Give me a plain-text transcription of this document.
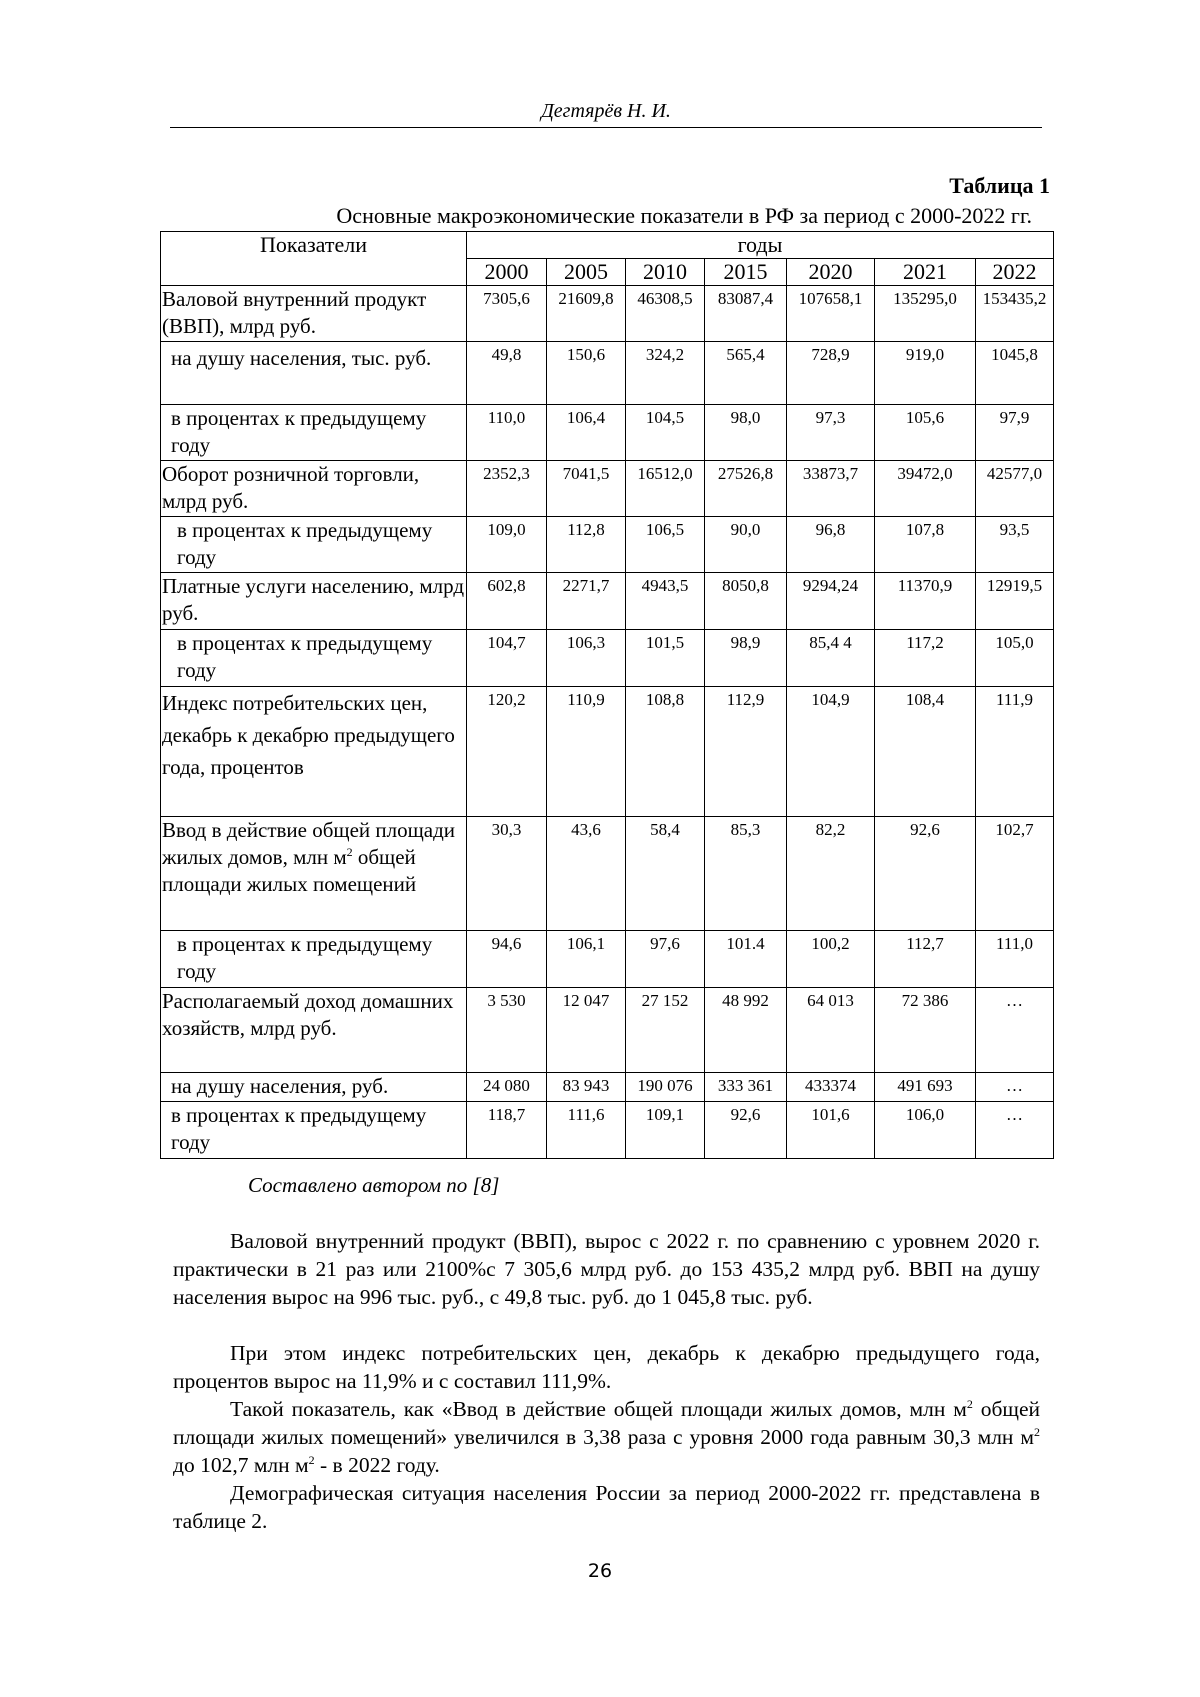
Дегтярёв Н. И.
Таблица 1
Основные макроэкономические показатели в РФ за период с 2000-2022 гг.
Показатели	годы						
	2000	2005	2010	2015	2020	2021	2022
Валовой внутренний продукт (ВВП), млрд руб.	7305,6	21609,8	46308,5	83087,4	107658,1	135295,0	153435,2
на душу населения, тыс. руб.	49,8	150,6	324,2	565,4	728,9	919,0	1045,8
в процентах к предыдущему году	110,0	106,4	104,5	98,0	97,3	105,6	97,9
Оборот розничной торговли, млрд руб.	2352,3	7041,5	16512,0	27526,8	33873,7	39472,0	42577,0
в процентах к предыдущему году	109,0	112,8	106,5	90,0	96,8	107,8	93,5
Платные услуги населению, млрд руб.	602,8	2271,7	4943,5	8050,8	9294,24	11370,9	12919,5
в процентах к предыдущему году	104,7	106,3	101,5	98,9	85,4 4	117,2	105,0
Индекс потребительских цен, декабрь к декабрю предыдущего года, процентов	120,2	110,9	108,8	112,9	104,9	108,4	111,9
Ввод в действие общей площади жилых домов, млн $м^2$ общей площади жилых помещений	30,3	43,6	58,4	85,3	82,2	92,6	102,7
в процентах к предыдущему году	94,6	106,1	97,6	101.4	100,2	112,7	111,0
Располагаемый доход домашних хозяйств, млрд руб.	3 530	12 047	27 152	48 992	64 013	72 386	…
на душу населения, руб.	24 080	83 943	190 076	333 361	433374	491 693	…
в процентах к предыдущему году	118,7	111,6	109,1	92,6	101,6	106,0	…
Составлено автором по [8]

Валовой внутренний продукт (ВВП), вырос с 2022 г. по сравнению с уровнем 2020 г. практически в 21 раз или 2100%с 7 305,6 млрд руб. до 153 435,2 млрд руб. ВВП на душу населения вырос на 996 тыс. руб., с 49,8 тыс. руб. до 1 045,8 тыс. руб.

При этом индекс потребительских цен, декабрь к декабрю предыдущего года, процентов вырос на 11,9% и с составил 111,9%.

Такой показатель, как «Ввод в действие общей площади жилых домов, млн $м^2$ общей площади жилых помещений» увеличился в 3,38 раза с уровня 2000 года равным 30,3 млн $м^2$ до 102,7 млн $м^2$ - в 2022 году.

Демографическая ситуация населения России за период 2000-2022 гг. представлена в таблице 2.

26
